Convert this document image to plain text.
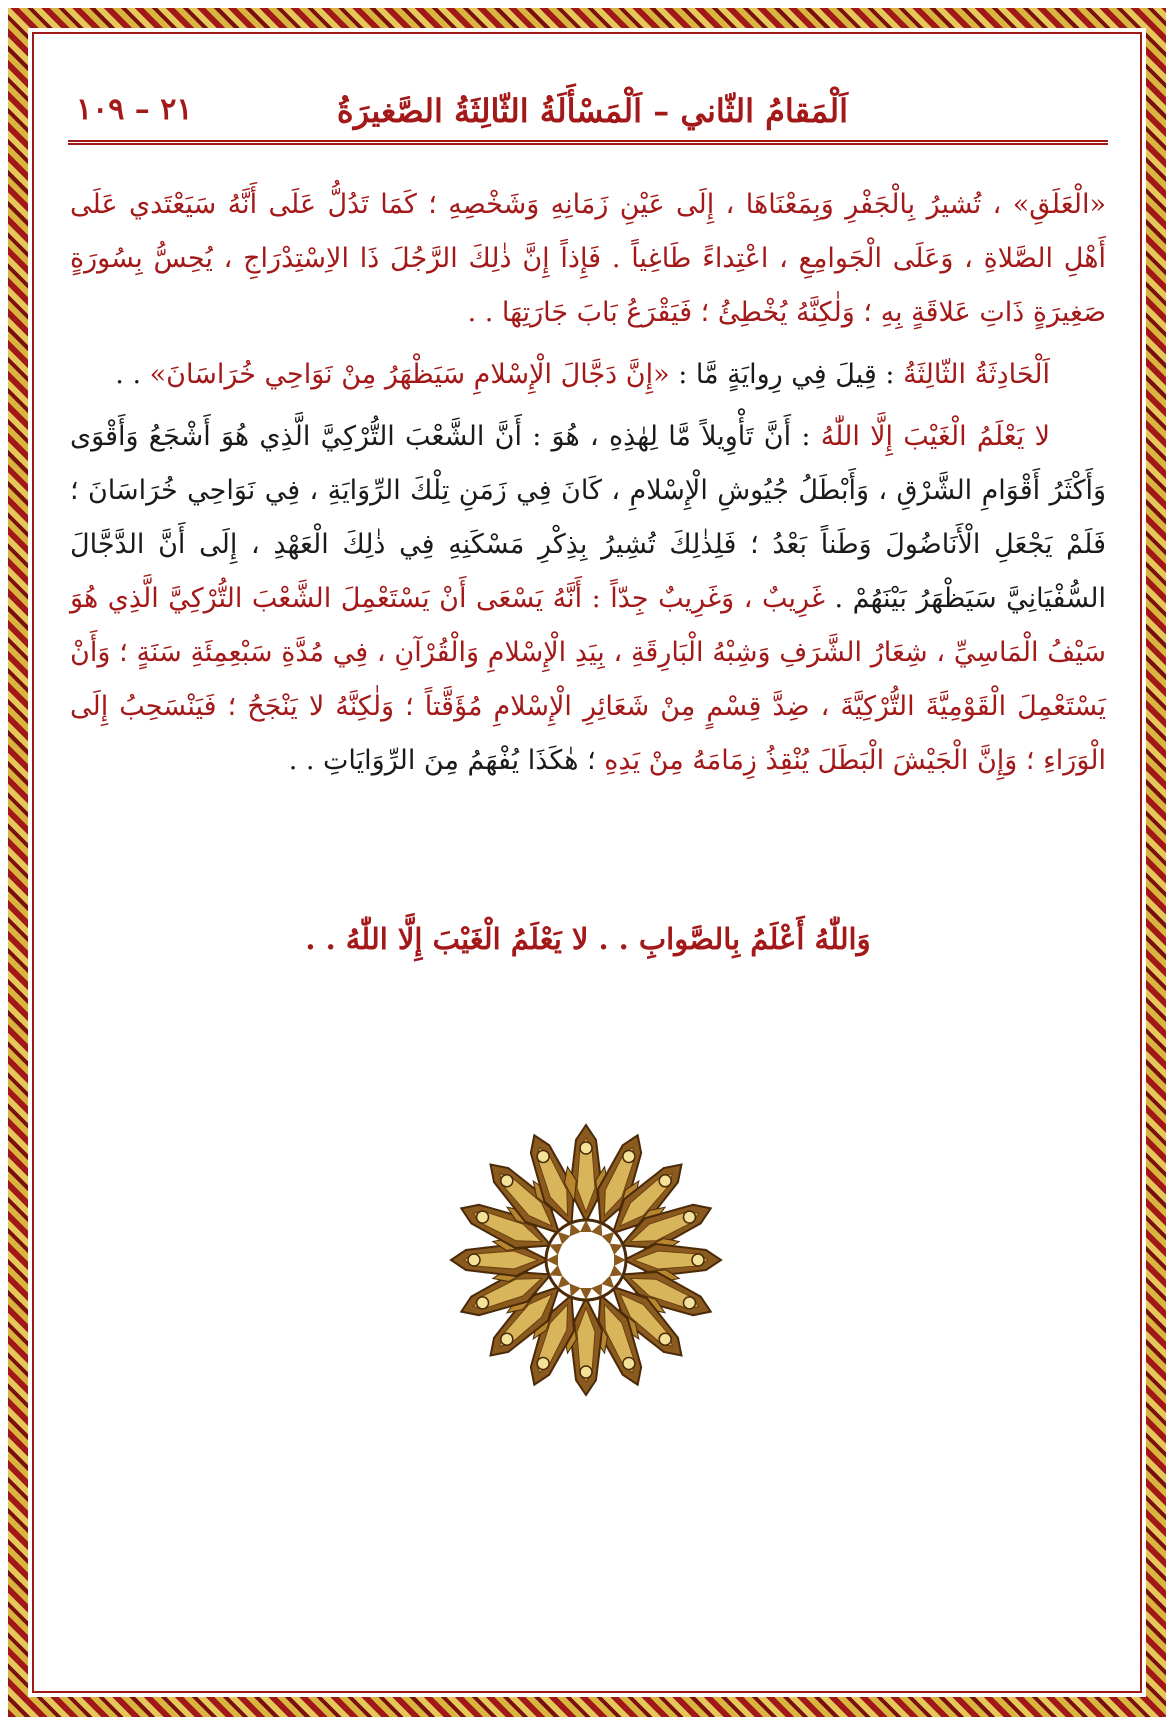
اَلْمَقامُ الثّاني – اَلْمَسْأَلَةُ الثّالِثَةُ الصَّغيرَةُ
٢١ – ١٠٩

«الْعَلَقِ» ، تُشيرُ بِالْجَفْرِ وَبِمَعْنَاهَا ، إِلَى عَيْنِ زَمَانِهِ وَشَخْصِهِ ؛ كَمَا تَدُلُّ عَلَى أَنَّهُ سَيَعْتَدي عَلَى أَهْلِ الصَّلاةِ ، وَعَلَى الْجَوامِعِ ، اعْتِداءً طَاغِياً . فَإِذاً إِنَّ ذٰلِكَ الرَّجُلَ ذَا الاِسْتِدْرَاجِ ، يُحِسُّ بِسُورَةٍ صَغِيرَةٍ ذَاتِ عَلاقَةٍ بِهِ ؛ وَلٰكِنَّهُ يُخْطِئُ ؛ فَيَقْرَعُ بَابَ جَارَتِهَا . .

اَلْحَادِثَةُ الثّالِثَةُ : قِيلَ فِي رِوايَةٍ مَّا : «إِنَّ دَجَّالَ الْإِسْلامِ سَيَظْهَرُ مِنْ نَوَاحِي خُرَاسَانَ» . .

لا يَعْلَمُ الْغَيْبَ إِلَّا اللّٰهُ : أَنَّ تَأْوِيلاً مَّا لِهٰذِهِ ، هُوَ : أَنَّ الشَّعْبَ التُّرْكِيَّ الَّذِي هُوَ أَشْجَعُ وَأَقْوَى وَأَكْثَرُ أَقْوَامِ الشَّرْقِ ، وَأَبْطَلُ جُيُوشِ الْإِسْلامِ ، كَانَ فِي زَمَنِ تِلْكَ الرِّوَايَةِ ، فِي نَوَاحِي خُرَاسَانَ ؛ فَلَمْ يَجْعَلِ الْأَنَاضُولَ وَطَناً بَعْدُ ؛ فَلِذٰلِكَ تُشِيرُ بِذِكْرِ مَسْكَنِهِ فِي ذٰلِكَ الْعَهْدِ ، إِلَى أَنَّ الدَّجَّالَ السُّفْيَانِيَّ سَيَظْهَرُ بَيْنَهُمْ . غَرِيبٌ ، وَغَرِيبٌ جِدّاً : أَنَّهُ يَسْعَى أَنْ يَسْتَعْمِلَ الشَّعْبَ التُّرْكِيَّ الَّذِي هُوَ سَيْفُ الْمَاسِيِّ ، شِعَارُ الشَّرَفِ وَشِبْهُ الْبَارِقَةِ ، بِيَدِ الْإِسْلامِ وَالْقُرْآنِ ، فِي مُدَّةِ سَبْعِمِئَةِ سَنَةٍ ؛ وَأَنْ يَسْتَعْمِلَ الْقَوْمِيَّةَ التُّرْكِيَّةَ ، ضِدَّ قِسْمٍ مِنْ شَعَائِرِ الْإِسْلامِ مُؤَقَّتاً ؛ وَلٰكِنَّهُ لا يَنْجَحُ ؛ فَيَنْسَحِبُ إِلَى الْوَرَاءِ ؛ وَإِنَّ الْجَيْشَ الْبَطَلَ يُنْقِذُ زِمَامَهُ مِنْ يَدِهِ ؛ هٰكَذَا يُفْهَمُ مِنَ الرِّوَايَاتِ . .

وَاللّٰهُ أَعْلَمُ بِالصَّوابِ . . لا يَعْلَمُ الْغَيْبَ إِلَّا اللّٰهُ . .
